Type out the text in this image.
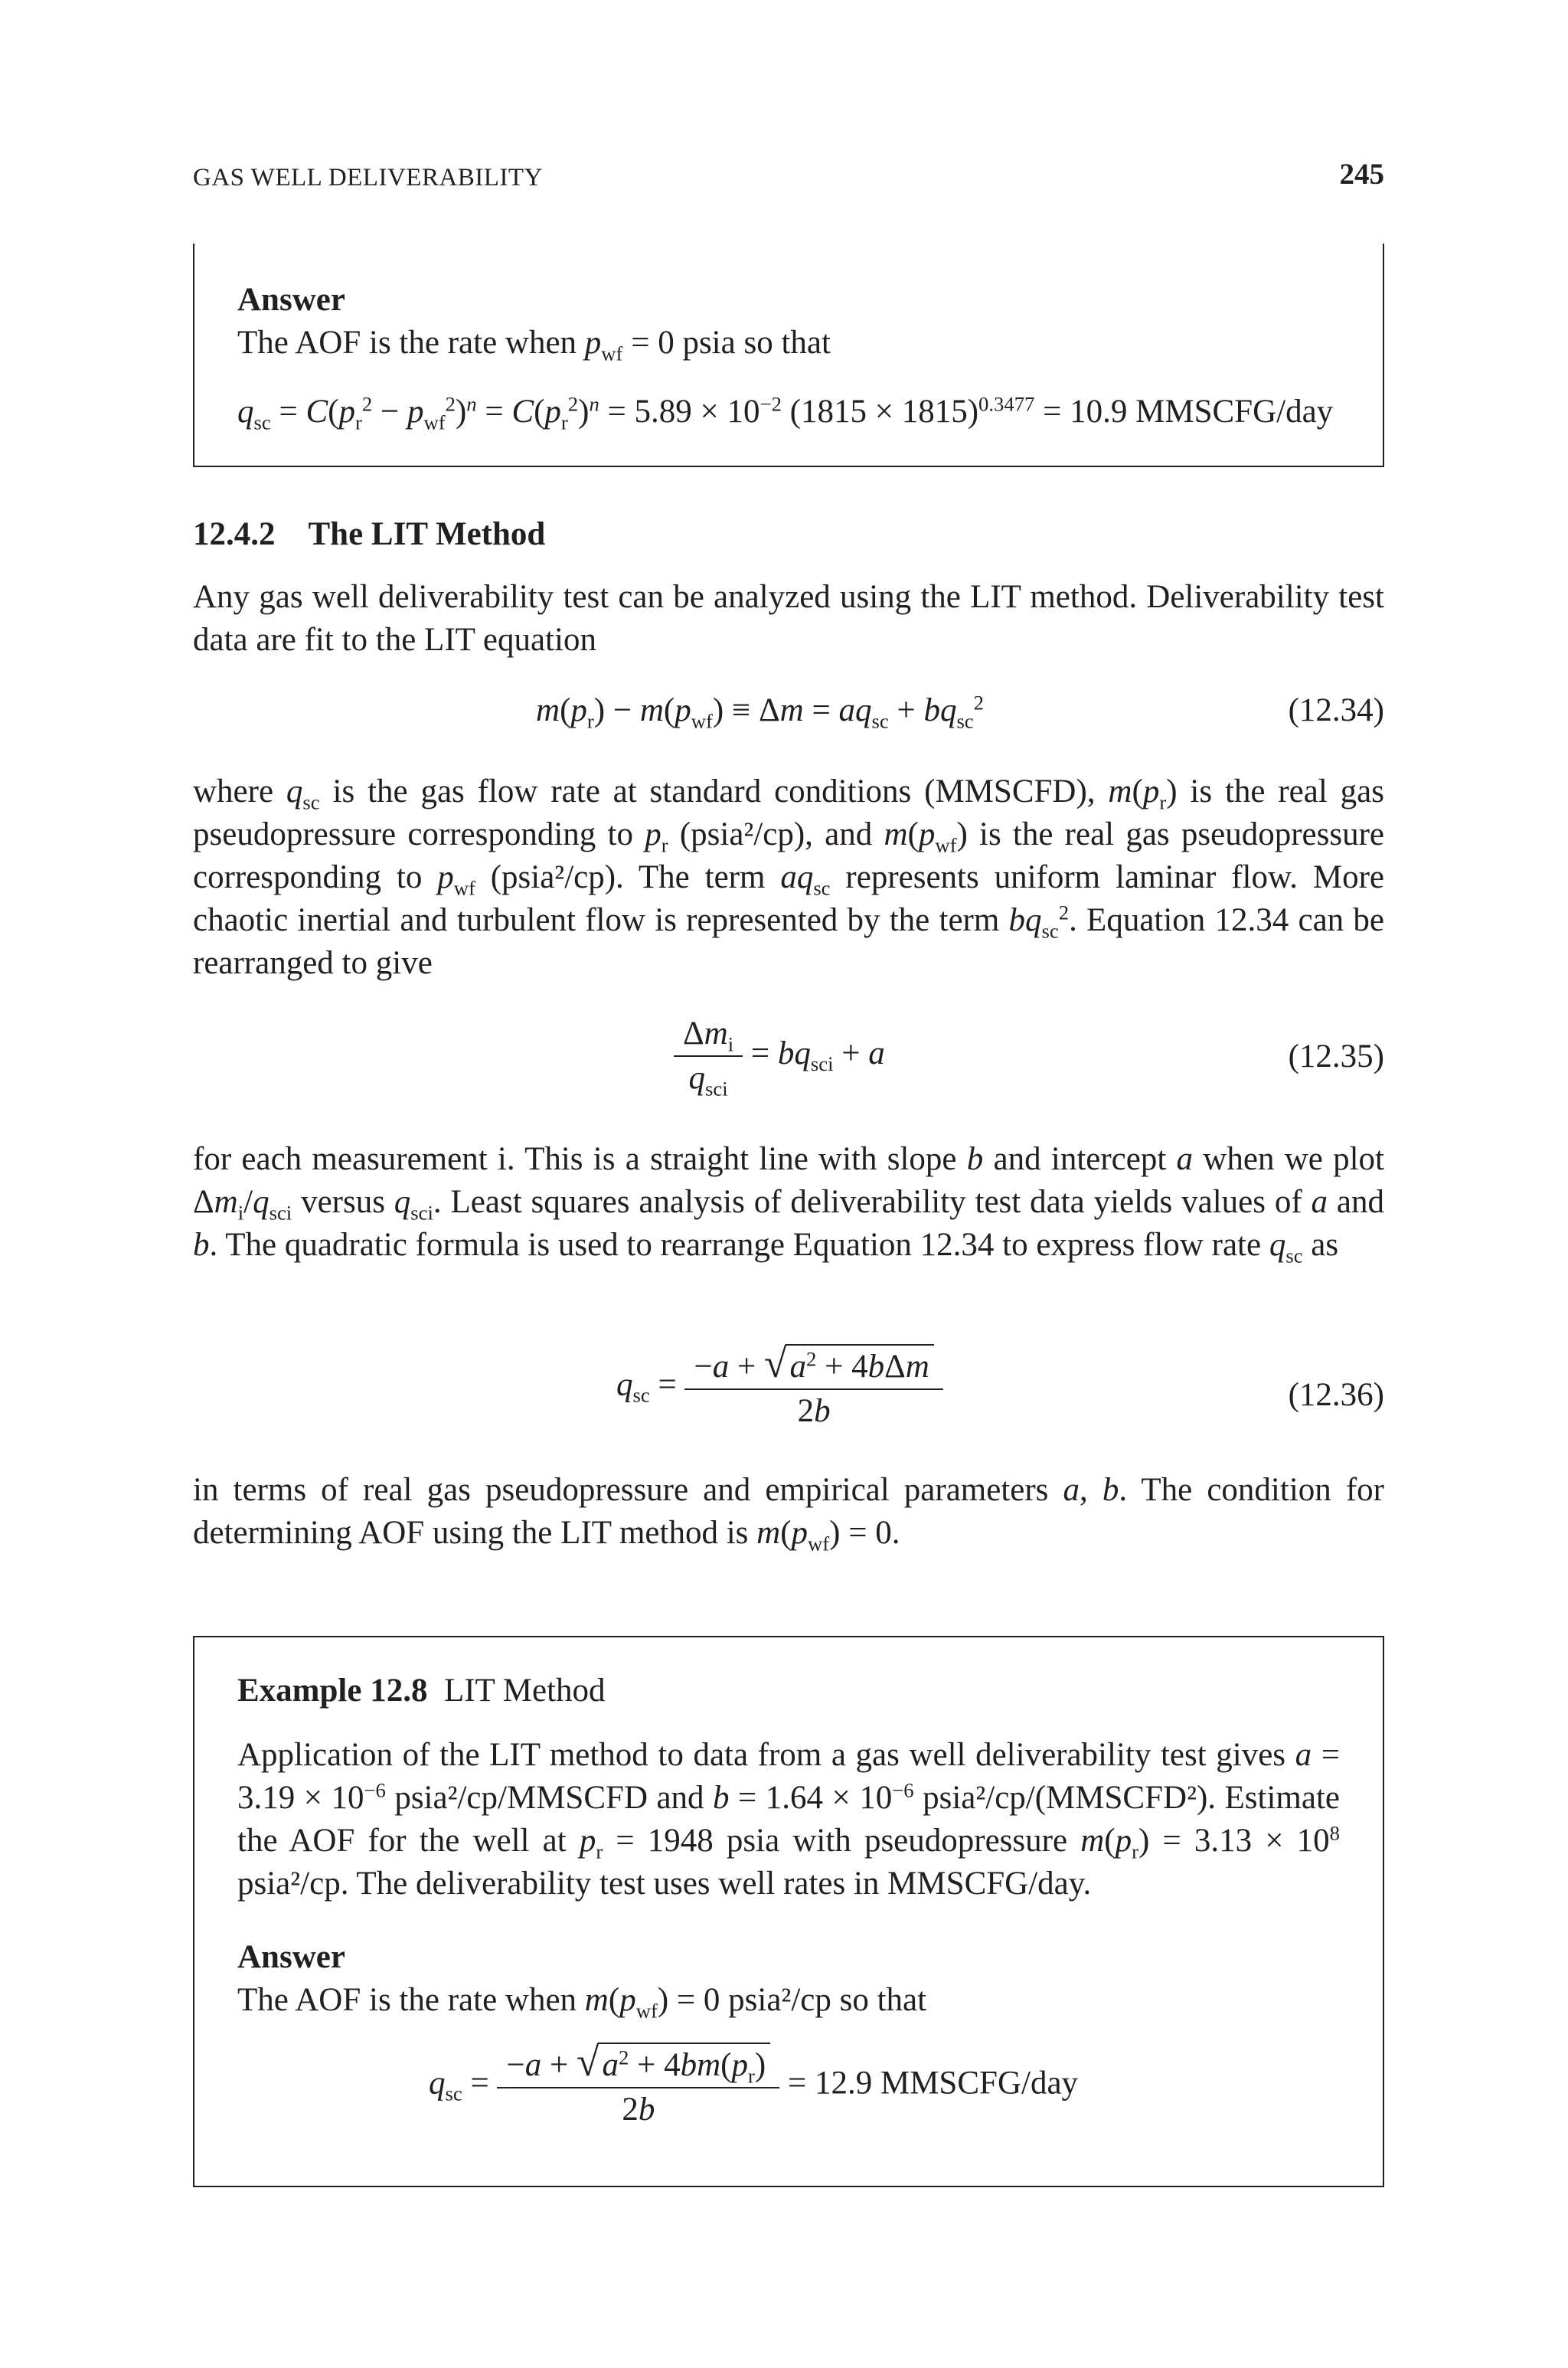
GAS WELL DELIVERABILITY	245
Answer
The AOF is the rate when $p_{wf} = 0$ psia so that
$q_{sc} = C(p_r^2 - p_{wf}^2)^n = C(p_r^2)^n = 5.89 \times 10^{-2}$ $(1815 \times 1815)^{0.3477} = 10.9$ MMSCFG/day
12.4.2 The LIT Method

Any gas well deliverability test can be analyzed using the LIT method. Deliverability test data are fit to the LIT equation

$m(p_r) - m(p_{wf}) \equiv \Delta m = aq_{sc} + bq_{sc}^2$	(12.34)

where $q_{sc}$ is the gas flow rate at standard conditions (MMSCFD), $m(p_r)$ is the real gas pseudopressure corresponding to $p_r$ (psia²/cp), and $m(p_{wf})$ is the real gas pseudopressure corresponding to $p_{wf}$ (psia²/cp). The term $aq_{sc}$ represents uniform laminar flow. More chaotic inertial and turbulent flow is represented by the term $bq_{sc}^2$. Equation 12.34 can be rearranged to give

$\frac{\Delta m_i}{q_{sci}} = bq_{sci} + a$	(12.35)

for each measurement i. This is a straight line with slope b and intercept a when we plot $\Delta m_i/q_{sci}$ versus $q_{sci}$. Least squares analysis of deliverability test data yields values of a and b. The quadratic formula is used to rearrange Equation 12.34 to express flow rate $q_{sc}$ as

$q_{sc} = \frac{-a + √a^2 + 4b\Delta m}{2b}$	(12.36)

in terms of real gas pseudopressure and empirical parameters a, b. The condition for determining AOF using the LIT method is $m(p_{wf}) = 0$.

Example 12.8 LIT Method
Application of the LIT method to data from a gas well deliverability test gives $a = 3.19 \times 10^{-6}$ psia²/cp/MMSCFD and $b = 1.64 \times 10^{-6}$ psia²/cp/(MMSCFD²). Estimate the AOF for the well at $p_r = 1948$ psia with pseudopressure $m(p_r) = 3.13 \times 10^8$ psia²/cp. The deliverability test uses well rates in MMSCFG/day.
Answer
The AOF is the rate when $m(p_{wf}) = 0$ psia²/cp so that
$q_{sc} = \frac{-a + √a^2 + 4bm(p_r)}{2b} = 12.9$ MMSCFG/day
